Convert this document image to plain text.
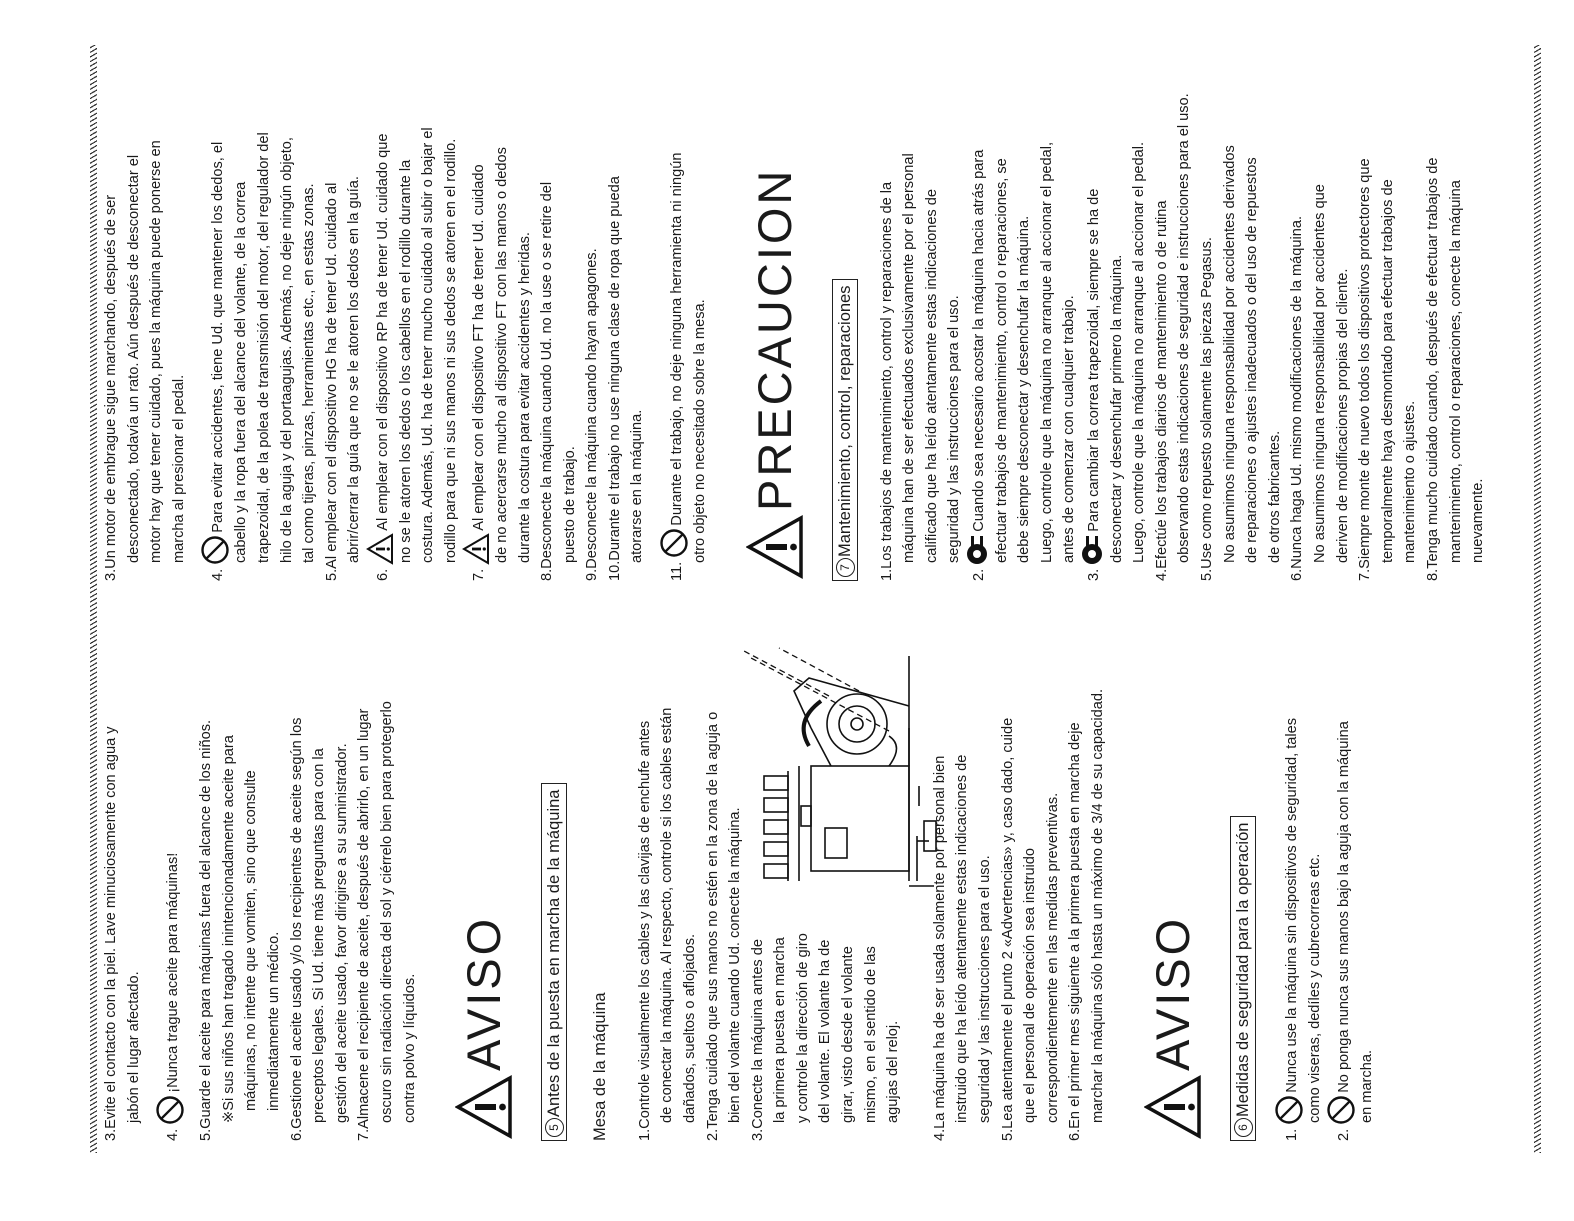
3.Evite el contacto con la piel. Lave minuciosamente con agua y jabón el lugar afectado.

4.
¡Nunca trague aceite para máquinas! 5.Guarde el aceite para máquinas fuera del alcance de los niños. ※Si sus niños han tragado inintencionadamente aceite para máquinas, no intente que vomiten, sino que consulte inmediatamente un médico. 6.Gestione el aceite usado y/o los recipientes de aceite según los preceptos legales. Si Ud. tiene más preguntas para con la gestión del aceite usado, favor dirigirse a su suministrador. 7.Almacene el recipiente de aceite, después de abrirlo, en un lugar oscuro sin radiación directa del sol y ciérrelo bien para protegerlo contra polvo y líquidos. AVISO
5Antes de la puesta en marcha de la máquina Mesa de la máquina 1.Controle visualmente los cables y las clavijas de enchufe antes de conectar la máquina. Al respecto, controle si los cables están dañados, sueltos o aflojados. 2.Tenga cuidado que sus manos no estén en la zona de la aguja o bien del volante cuando Ud. conecte la máquina. 3.Conecte la máquina antes de la primera puesta en marcha y controle la dirección de giro del volante. El volante ha de girar, visto desde el volante mismo, en el sentido de las agujas del reloj. 4.La máquina ha de ser usada solamente por personal bien instruido que ha leído atentamente estas indicaciones de seguridad y las instrucciones para el uso. 5.Lea atentamente el punto 2 «Advertencias» y, caso dado, cuide que el personal de operación sea instruido correspondientemente en las medidas preventivas. 6.En el primer mes siguiente a la primera puesta en marcha deje marchar la máquina sólo hasta un máximo de 3/4 de su capacidad. AVISO
6Medidas de seguridad para la operación

1.
Nunca use la máquina sin dispositivos de seguridad, tales como viseras, dedíles y cubrecorreas etc.

2.
No ponga nunca sus manos bajo la aguja con la máquina en marcha.

3.Un motor de embrague sigue marchando, después de ser desconectado, todavía un rato. Aún después de desconectar el motor hay que tener cuidado, pues la máquina puede ponerse en marcha al presionar el pedal.

4.
Para evitar accidentes, tiene Ud. que mantener los dedos, el cabello y la ropa fuera del alcance del volante, de la correa trapezoidal, de la polea de transmisión del motor, del regulador del hilo de la aguja y del portaagujas. Además, no deje ningún objeto, tal como tijeras, pinzas, herramientas etc., en estas zonas. 5.Al emplear con el dispositivo HG ha de tener Ud. cuidado al abrir/cerrar la guía que no se le atoren los dedos en la guía.

6.
Al emplear con el dispositivo RP ha de tener Ud. cuidado que no se le atoren los dedos o los cabellos en el rodillo durante la costura. Además, Ud. ha de tener mucho cuidado al subir o bajar el rodillo para que ni sus manos ni sus dedos se atoren en el rodillo.

7.
Al emplear con el dispositivo FT ha de tener Ud. cuidado de no acercarse mucho al dispositivo FT con las manos o dedos durante la costura para evitar accidentes y heridas. 8.Desconecte la máquina cuando Ud. no la use o se retire del puesto de trabajo. 9.Desconecte la máquina cuando hayan apagones. 10.Durante el trabajo no use ninguna clase de ropa que pueda atorarse en la máquina.

11.
Durante el trabajo, no deje ninguna herramienta ni ningún otro objeto no necesitado sobre la mesa. PRECAUCION
7Mantenimiento, control, reparaciones 1.Los trabajos de mantenimiento, control y reparaciones de la máquina han de ser efectuados exclusivamente por el personal calificado que ha leído atentamente estas indicaciones de seguridad y las instrucciones para el uso.

2.
Cuando sea necesario acostar la máquina hacia atrás para efectuar trabajos de mantenimiento, control o reparaciones, se debe siempre desconectar y desenchufar la máquina. Luego, controle que la máquina no arranque al accionar el pedal, antes de comenzar con cualquier trabajo.

3.
Para cambiar la correa trapezoidal, siempre se ha de desconectar y desenchufar primero la máquina. Luego, controle que la máquina no arranque al accionar el pedal. 4.Efectúe los trabajos diarios de mantenimiento o de rutina observando estas indicaciones de seguridad e instrucciones para el uso. 5.Use como repuesto solamente las piezas Pegasus. No asumimos ninguna responsabilidad por accidentes derivados de reparaciones o ajustes inadecuados o del uso de repuestos de otros fabricantes. 6.Nunca haga Ud. mismo modificaciones de la máquina. No asumimos ninguna responsabilidad por accidentes que deriven de modificaciones propias del cliente. 7.Siempre monte de nuevo todos los dispositivos protectores que temporalmente haya desmontado para efectuar trabajos de mantenimiento o ajustes. 8.Tenga mucho cuidado cuando, después de efectuar trabajos de mantenimiento, control o reparaciones, conecte la máquina nuevamente.
